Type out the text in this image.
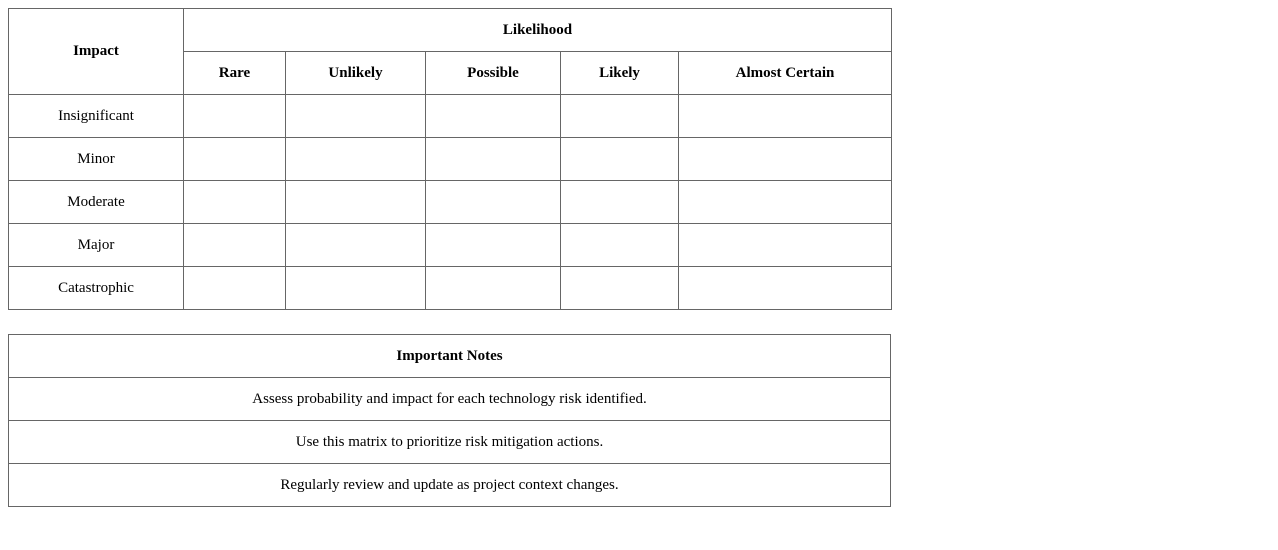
Impact	Likelihood				
	Rare	Unlikely	Possible	Likely	Almost Certain
Insignificant					
Minor					
Moderate					
Major					
Catastrophic					
Important Notes
Assess probability and impact for each technology risk identified.
Use this matrix to prioritize risk mitigation actions.
Regularly review and update as project context changes.
